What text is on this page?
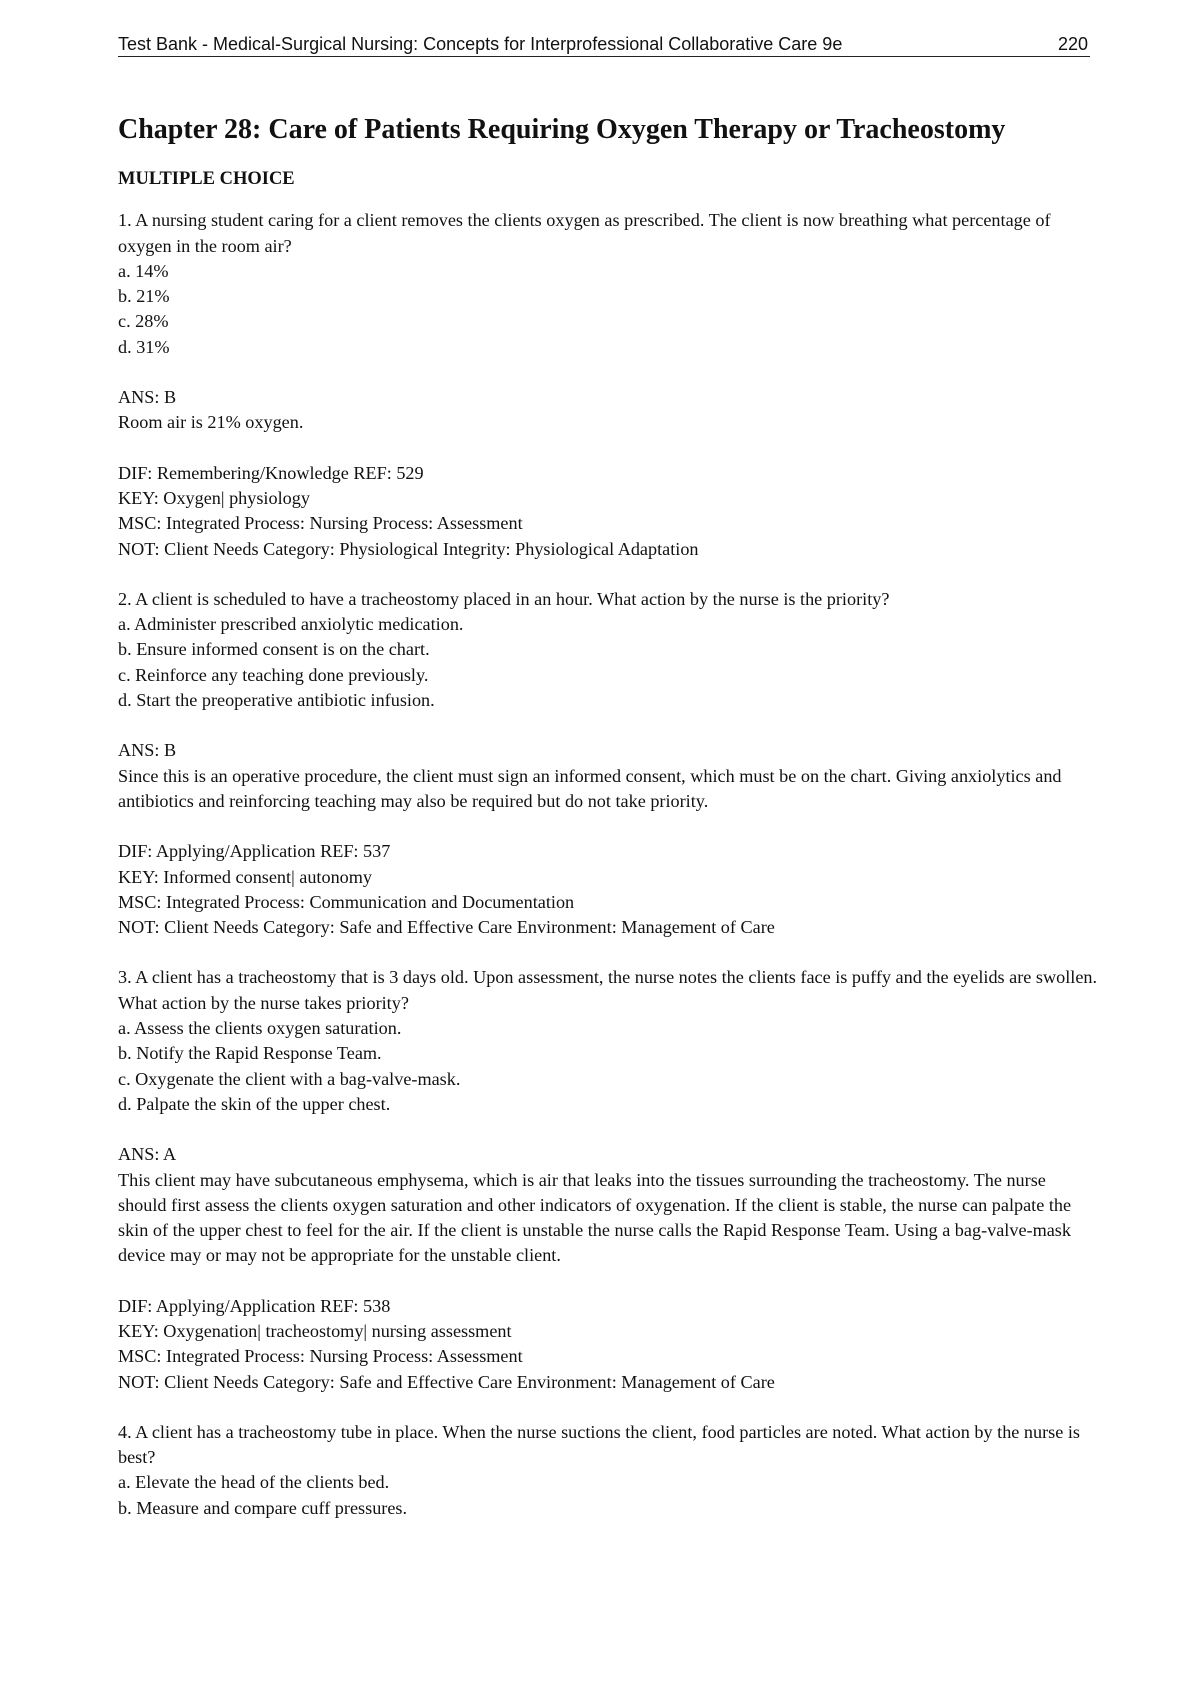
Test Bank - Medical-Surgical Nursing: Concepts for Interprofessional Collaborative Care 9e	220
Chapter 28: Care of Patients Requiring Oxygen Therapy or Tracheostomy
MULTIPLE CHOICE

1. A nursing student caring for a client removes the clients oxygen as prescribed. The client is now breathing what percentage of oxygen in the room air?

a. 14%

b. 21%

c. 28%

d. 31%

ANS: B

Room air is 21% oxygen.

DIF: Remembering/Knowledge REF: 529

KEY: Oxygen| physiology

MSC: Integrated Process: Nursing Process: Assessment

NOT: Client Needs Category: Physiological Integrity: Physiological Adaptation

2. A client is scheduled to have a tracheostomy placed in an hour. What action by the nurse is the priority?

a. Administer prescribed anxiolytic medication.

b. Ensure informed consent is on the chart.

c. Reinforce any teaching done previously.

d. Start the preoperative antibiotic infusion.

ANS: B

Since this is an operative procedure, the client must sign an informed consent, which must be on the chart. Giving anxiolytics and antibiotics and reinforcing teaching may also be required but do not take priority.

DIF: Applying/Application REF: 537

KEY: Informed consent| autonomy

MSC: Integrated Process: Communication and Documentation

NOT: Client Needs Category: Safe and Effective Care Environment: Management of Care

3. A client has a tracheostomy that is 3 days old. Upon assessment, the nurse notes the clients face is puffy and the eyelids are swollen. What action by the nurse takes priority?

a. Assess the clients oxygen saturation.

b. Notify the Rapid Response Team.

c. Oxygenate the client with a bag-valve-mask.

d. Palpate the skin of the upper chest.

ANS: A

This client may have subcutaneous emphysema, which is air that leaks into the tissues surrounding the tracheostomy. The nurse should first assess the clients oxygen saturation and other indicators of oxygenation. If the client is stable, the nurse can palpate the skin of the upper chest to feel for the air. If the client is unstable the nurse calls the Rapid Response Team. Using a bag-valve-mask device may or may not be appropriate for the unstable client.

DIF: Applying/Application REF: 538

KEY: Oxygenation| tracheostomy| nursing assessment

MSC: Integrated Process: Nursing Process: Assessment

NOT: Client Needs Category: Safe and Effective Care Environment: Management of Care

4. A client has a tracheostomy tube in place. When the nurse suctions the client, food particles are noted. What action by the nurse is best?

a. Elevate the head of the clients bed.

b. Measure and compare cuff pressures.
